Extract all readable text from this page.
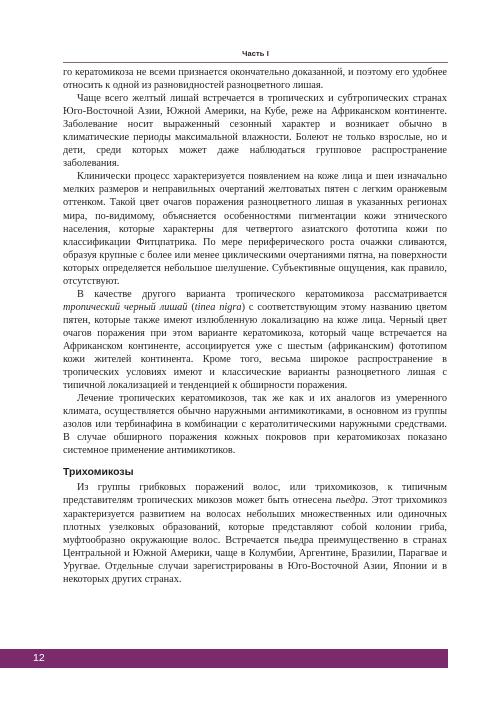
Часть I

го кератомикоза не всеми признается окончательно доказанной, и поэтому его удобнее относить к одной из разновидностей разноцветного лишая.

Чаще всего желтый лишай встречается в тропических и субтропических странах Юго-Восточной Азии, Южной Америки, на Кубе, реже на Африканском континенте. Заболевание носит выраженный сезонный характер и возникает обычно в климатические периоды максимальной влажности. Болеют не только взрослые, но и дети, среди которых может даже наблюдаться групповое распространение заболевания.

Клинически процесс характеризуется появлением на коже лица и шеи изначально мелких размеров и неправильных очертаний желтоватых пятен с легким оранжевым оттенком. Такой цвет очагов поражения разноцветного лишая в указанных регионах мира, по-видимому, объясняется особенностями пигментации кожи этнического населения, которые характерны для четвертого азиатского фототипа кожи по классификации Фитцпатрика. По мере периферического роста очажки сливаются, образуя крупные с более или менее циклическими очертаниями пятна, на поверхности которых определяется небольшое шелушение. Субъективные ощущения, как правило, отсутствуют.

В качестве другого варианта тропического кератомикоза рассматривается тропический черный лишай (tinea nigra) с соответствующим этому названию цветом пятен, которые также имеют излюбленную локализацию на коже лица. Черный цвет очагов поражения при этом варианте кератомикоза, который чаще встречается на Африканском континенте, ассоциируется уже с шестым (африканским) фототипом кожи жителей континента. Кроме того, весьма широкое распространение в тропических условиях имеют и классические варианты разноцветного лишая с типичной локализацией и тенденцией к обширности поражения.

Лечение тропических кератомикозов, так же как и их аналогов из умеренного климата, осуществляется обычно наружными антимикотиками, в основном из группы азолов или тербинафина в комбинации с кератолитическими наружными средствами. В случае обширного поражения кожных покровов при кератомикозах показано системное применение антимикотиков.

Трихомикозы

Из группы грибковых поражений волос, или трихомикозов, к типичным представителям тропических микозов может быть отнесена пьедра. Этот трихомикоз характеризуется развитием на волосах небольших множественных или одиночных плотных узелковых образований, которые представляют собой колонии гриба, муфтообразно окружающие волос. Встречается пьедра преимущественно в странах Центральной и Южной Америки, чаще в Колумбии, Аргентине, Бразилии, Парагвае и Уругвае. Отдельные случаи зарегистрированы в Юго-Восточной Азии, Японии и в некоторых других странах.

12
